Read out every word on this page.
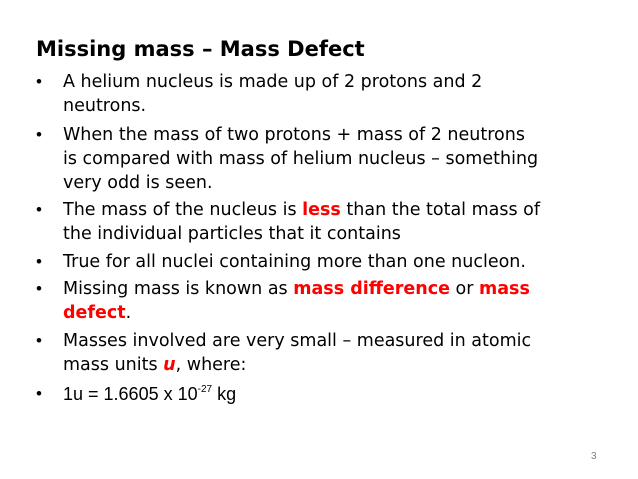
Missing mass – Mass Defect
•	A helium nucleus is made up of 2 protons and 2
neutrons.
•	When the mass of two protons + mass of 2 neutrons
is compared with mass of helium nucleus – something
very odd is seen.
•	The mass of the nucleus is less than the total mass of
the individual particles that it contains
•	True for all nuclei containing more than one nucleon.
•	Missing mass is known as mass difference or mass
defect.
•	Masses involved are very small – measured in atomic
mass units u, where:
•	1u = 1.6605 x $10^{-27}$ kg
3
